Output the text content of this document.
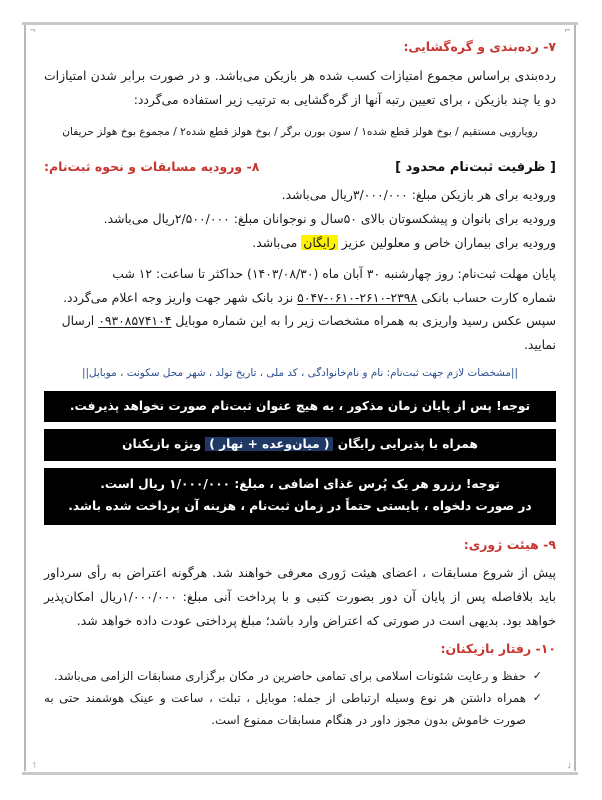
⌐
¬
˩
˥
۷- رده‌بندی و گره‌گشایی:

رده‌بندی براساس مجموع امتیازات کسب شده هر بازیکن می‌باشد. و در صورت برابر شدن امتیازات دو یا چند بازیکن ، برای تعیین رتبه آنها از گره‌گشایی به ترتیب زیر استفاده می‌گردد:

رویارویی مستقیم / بوخ هولز قطع شده۱ / سون بورن برگر / بوخ هولز قطع شده۲ / مجموع بوخ هولز حریفان

۸- ورودیه مسابقات و نحوه ثبت‌نام:	[ ظرفیت ثبت‌نام محدود ]

ورودیه برای هر بازیکن مبلغ: ۳/۰۰۰/۰۰۰ریال می‌باشد.

ورودیه برای بانوان و پیشکسوتان بالای ۵۰سال و نوجوانان مبلغ: ۲/۵۰۰/۰۰۰ریال می‌باشد.

ورودیه برای بیماران خاص و معلولین عزیز رایگان می‌باشد.

پایان مهلت ثبت‌نام: روز چهارشنبه ۳۰ آبان ماه (۱۴۰۳/۰۸/۳۰) حداکثر تا ساعت: ۱۲ شب

شماره کارت حساب بانکی ۲۳۹۸-۲۶۱۰-۰۶۱۰-۵۰۴۷ نزد بانک شهر جهت واریز وجه اعلام می‌گردد.

سپس عکس رسید واریزی به همراه مشخصات زیر را به این شماره موبایل ۰۹۳۰۸۵۷۴۱۰۴ ارسال نمایید.

||مشخصات لازم جهت ثبت‌نام: نام و نام‌خانوادگی ، کد ملی ، تاریخ تولد ، شهر محل سکونت ، موبایل||

توجه! پس از پایان زمان مذکور ، به هیچ عنوان ثبت‌نام صورت نخواهد پذیرفت.
همراه با پذیرایی رایگان ( میان‌وعده + نهار ) ویژه بازیکنان
توجه! رزرو هر یک پُرس غذای اضافی ، مبلغ: ۱/۰۰۰/۰۰۰ ریال است.
در صورت دلخواه ، بایستی حتماً در زمان ثبت‌نام ، هزینه آن پرداخت شده باشد.
۹- هیئت ژوری:

پیش از شروع مسابقات ، اعضای هیئت ژوری معرفی خواهند شد. هرگونه اعتراض به رأی سرداور باید بلافاصله پس از پایان آن دور بصورت کتبی و با پرداخت آنی مبلغ: ۱/۰۰۰/۰۰۰ریال امکان‌پذیر خواهد بود. بدیهی است در صورتی که اعتراض وارد باشد؛ مبلغ پرداختی عودت داده خواهد شد.

۱۰- رفتار بازیکنان:
✓
حفظ و رعایت شئونات اسلامی برای تمامی حاضرین در مکان برگزاری مسابقات الزامی می‌باشد.
✓
همراه داشتن هر نوع وسیله ارتباطی از جمله: موبایل ، تبلت ، ساعت و عینک هوشمند حتی به صورت خاموش بدون مجوز داور در هنگام مسابقات ممنوع است.
